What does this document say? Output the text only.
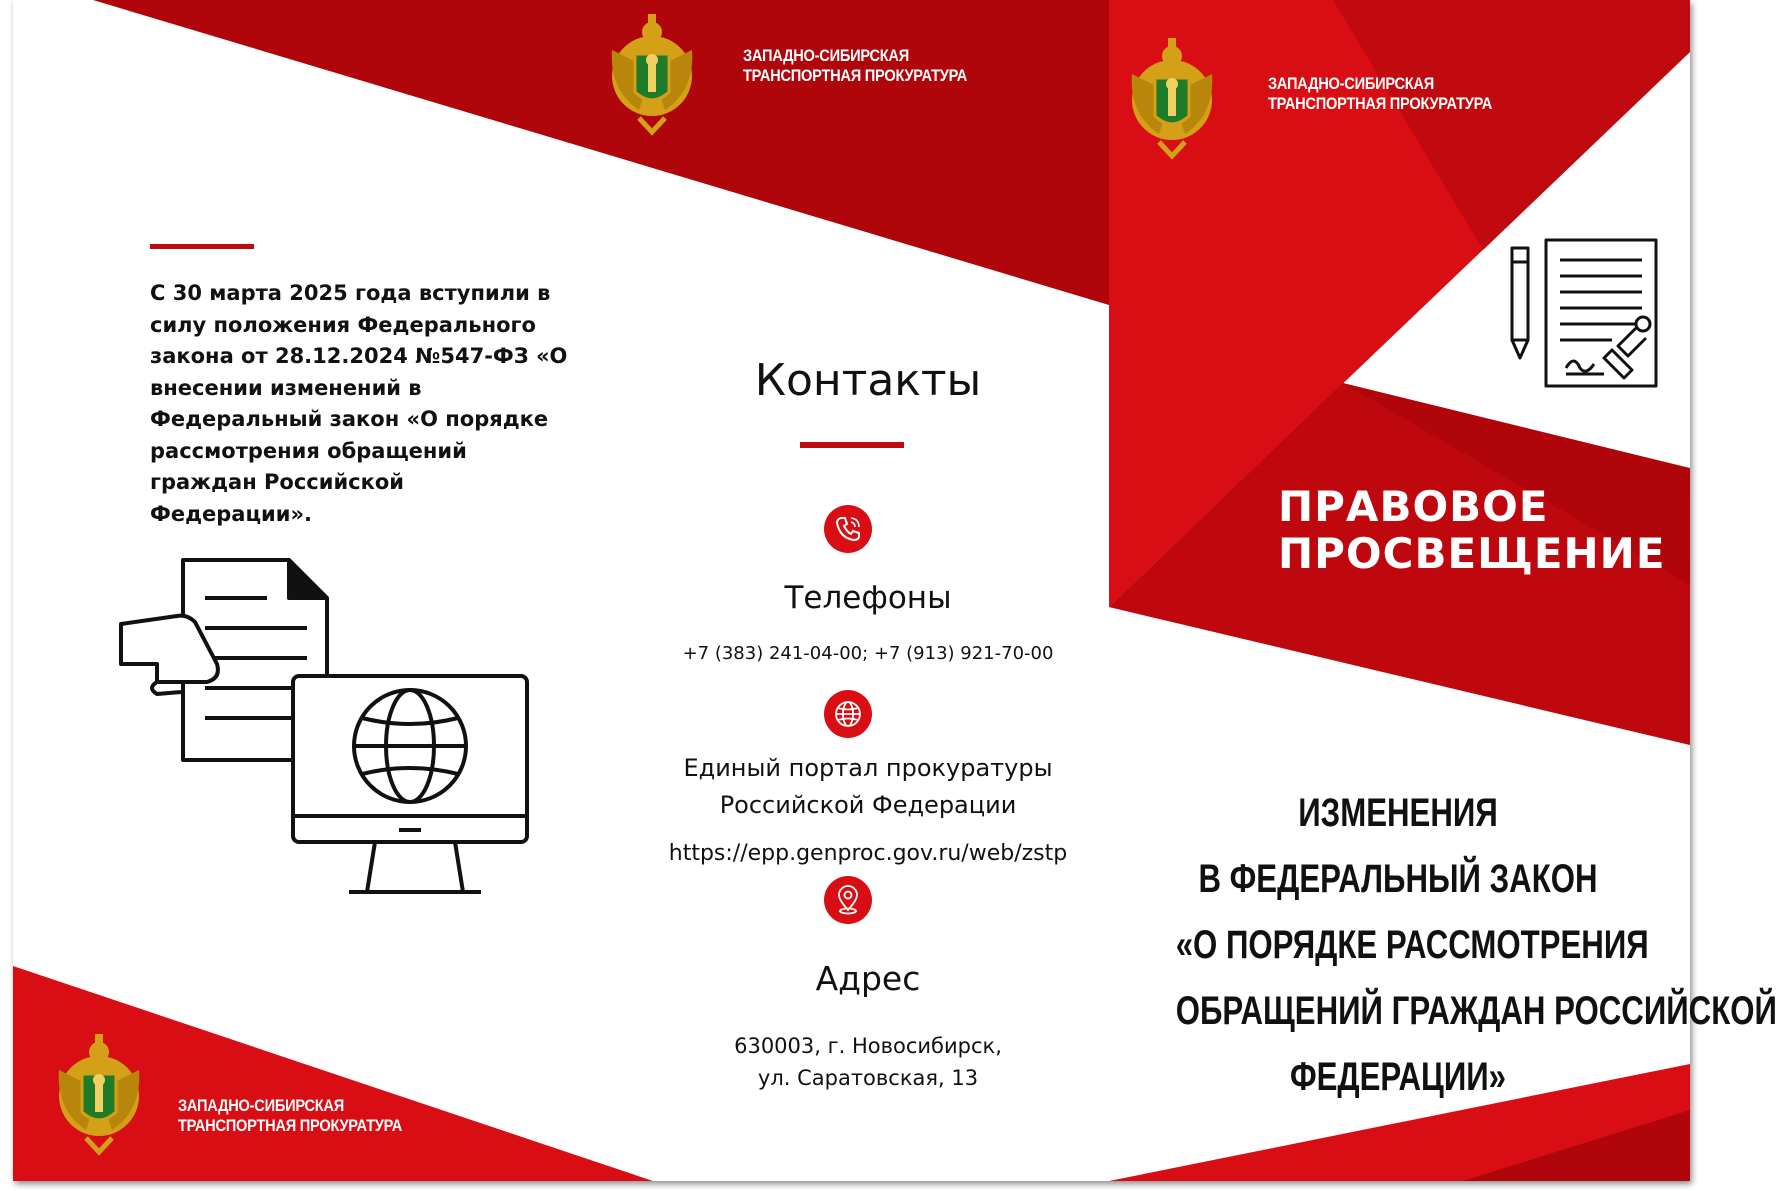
ЗАПАДНО-СИБИРСКАЯ
ТРАНСПОРТНАЯ ПРОКУРАТУРА	ЗАПАДНО-СИБИРСКАЯ
ТРАНСПОРТНАЯ ПРОКУРАТУРА
ЗАПАДНО-СИБИРСКАЯ
ТРАНСПОРТНАЯ ПРОКУРАТУРА
С 30 марта 2025 года вступили в силу положения Федерального закона от 28.12.2024 №547-ФЗ «О внесении изменений в Федеральный закон «О порядке рассмотрения обращений граждан Российской Федерации».
Контакты
Телефоны
+7 (383) 241-04-00; +7 (913) 921-70-00
Единый портал прокуратуры
Российской Федерации
https://epp.genproc.gov.ru/web/zstp
Адрес
630003, г. Новосибирск,
ул. Саратовская, 13
ПРАВОВОЕ
ПРОСВЕЩЕНИЕ
ИЗМЕНЕНИЯ
В ФЕДЕРАЛЬНЫЙ ЗАКОН
«О ПОРЯДКЕ РАССМОТРЕНИЯ
ОБРАЩЕНИЙ ГРАЖДАН РОССИЙСКОЙ
ФЕДЕРАЦИИ»
